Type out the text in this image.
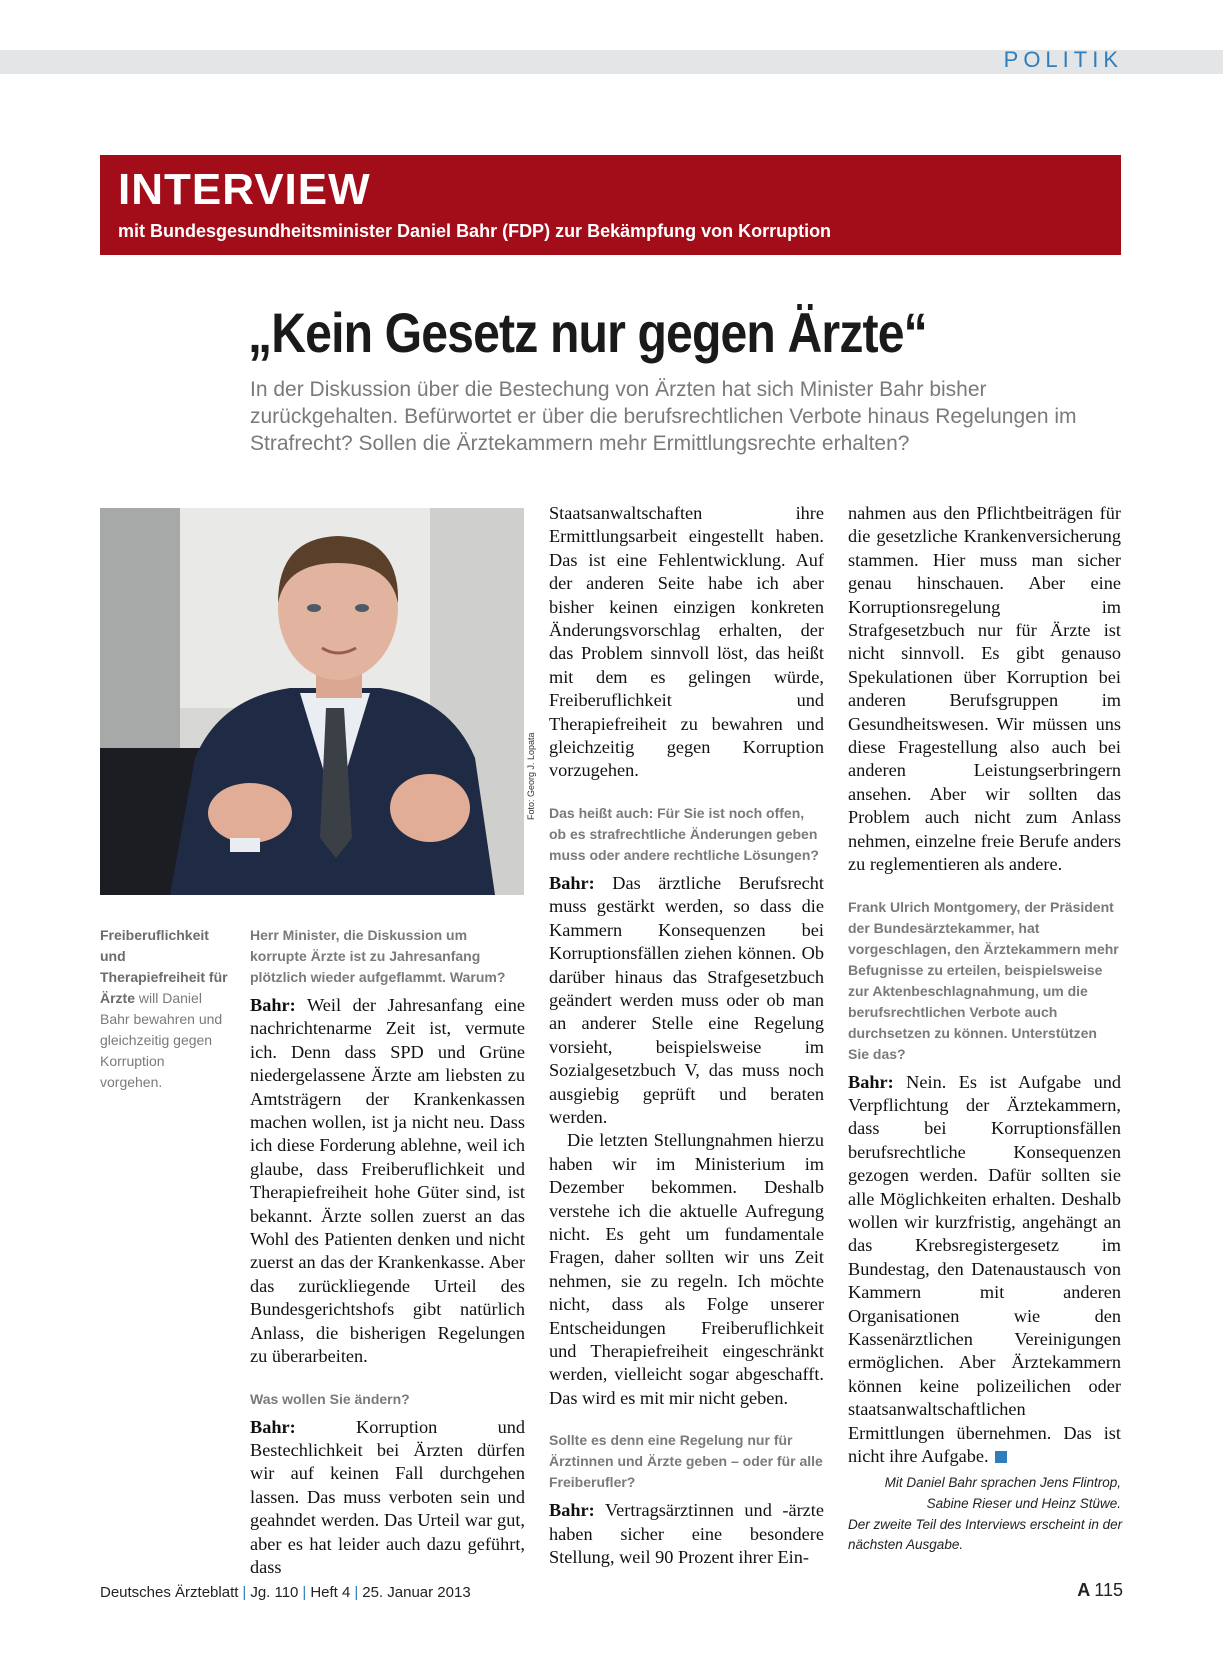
POLITIK
INTERVIEW
mit Bundesgesundheitsminister Daniel Bahr (FDP) zur Bekämpfung von Korruption
„Kein Gesetz nur gegen Ärzte“
In der Diskussion über die Bestechung von Ärzten hat sich Minister Bahr bisher zurückgehalten. Befürwortet er über die berufsrechtlichen Verbote hinaus Regelungen im Strafrecht? Sollen die Ärztekammern mehr Ermittlungsrechte erhalten?
Foto: Georg J. Lopata
Freiberuflichkeit und Therapiefreiheit für Ärzte will Daniel Bahr bewahren und gleichzeitig gegen Korruption vorgehen.

Herr Minister, die Diskussion um korrupte Ärzte ist zu Jahresanfang plötzlich wieder aufgeflammt. Warum?

Bahr: Weil der Jahresanfang eine nachrichtenarme Zeit ist, vermute ich. Denn dass SPD und Grüne niedergelassene Ärzte am liebsten zu Amtsträgern der Krankenkassen machen wollen, ist ja nicht neu. Dass ich diese Forderung ablehne, weil ich glaube, dass Freiberuflichkeit und Therapiefreiheit hohe Güter sind, ist bekannt. Ärzte sollen zuerst an das Wohl des Patienten denken und nicht zuerst an das der Krankenkasse. Aber das zurückliegende Urteil des Bundesgerichtshofs gibt natürlich Anlass, die bisherigen Regelungen zu überarbeiten.

Was wollen Sie ändern?

Bahr:	Korruption und Bestechlichkeit bei Ärzten dürfen wir auf keinen Fall durchgehen lassen. Das muss verboten sein und geahndet werden. Das Urteil war gut, aber es hat leider auch dazu geführt, dass

Staatsanwaltschaften ihre Ermittlungsarbeit eingestellt haben. Das ist eine Fehlentwicklung. Auf der anderen Seite habe ich aber bisher keinen einzigen konkreten Änderungsvorschlag erhalten, der das Problem sinnvoll löst, das heißt mit dem es gelingen würde, Freiberuflichkeit und Therapiefreiheit zu bewahren und gleichzeitig gegen Korruption vorzugehen.

Das heißt auch: Für Sie ist noch offen, ob es strafrechtliche Änderungen geben muss oder andere rechtliche Lösungen?

Bahr: Das ärztliche Berufsrecht muss gestärkt werden, so dass die Kammern Konsequenzen bei Korruptionsfällen ziehen können. Ob darüber hinaus das Strafgesetzbuch geändert werden muss oder ob man an anderer Stelle eine Regelung vorsieht, beispielsweise im Sozialgesetzbuch V, das muss noch ausgiebig geprüft und beraten werden.

Die letzten Stellungnahmen hierzu haben wir im Ministerium im Dezember bekommen. Deshalb verstehe ich die aktuelle Aufregung nicht. Es geht um fundamentale Fragen, daher sollten wir uns Zeit nehmen, sie zu regeln. Ich möchte nicht, dass als Folge unserer Entscheidungen Freiberuflichkeit und Therapiefreiheit eingeschränkt werden, vielleicht sogar abgeschafft. Das wird es mit mir nicht geben.

Sollte es denn eine Regelung nur für Ärztinnen und Ärzte geben – oder für alle Freiberufler?

Bahr: Vertragsärztinnen und -ärzte haben sicher eine besondere Stellung, weil 90 Prozent ihrer Ein-

nahmen aus den Pflichtbeiträgen für die gesetzliche Krankenversicherung stammen. Hier muss man sicher genau hinschauen. Aber eine Korruptionsregelung im Strafgesetzbuch nur für Ärzte ist nicht sinnvoll. Es gibt genauso Spekulationen über Korruption bei anderen Berufsgruppen im Gesundheitswesen. Wir müssen uns diese Fragestellung also auch bei anderen Leistungserbringern ansehen. Aber wir sollten das Problem auch nicht zum Anlass nehmen, einzelne freie Berufe anders zu reglementieren als andere.

Frank Ulrich Montgomery, der Präsident der Bundesärztekammer, hat vorgeschlagen, den Ärztekammern mehr Befugnisse zu erteilen, beispielsweise zur Aktenbeschlagnahmung, um die berufsrechtlichen Verbote auch durchsetzen zu können. Unterstützen Sie das?

Bahr: Nein. Es ist Aufgabe und Verpflichtung der Ärztekammern, dass bei Korruptionsfällen berufsrechtliche Konsequenzen gezogen werden. Dafür sollten sie alle Möglichkeiten erhalten. Deshalb wollen wir kurzfristig, angehängt an das Krebsregistergesetz im Bundestag, den Datenaustausch von Kammern mit anderen Organisationen wie den Kassenärztlichen Vereinigungen ermöglichen. Aber Ärztekammern können keine polizeilichen oder staatsanwaltschaftlichen Ermittlungen übernehmen. Das ist nicht ihre Aufgabe.

Mit Daniel Bahr sprachen Jens Flintrop,
Sabine Rieser und Heinz Stüwe.

Der zweite Teil des Interviews erscheint in der nächsten Ausgabe.
Deutsches Ärzteblatt | Jg. 110 | Heft 4 | 25. Januar 2013	A 115
